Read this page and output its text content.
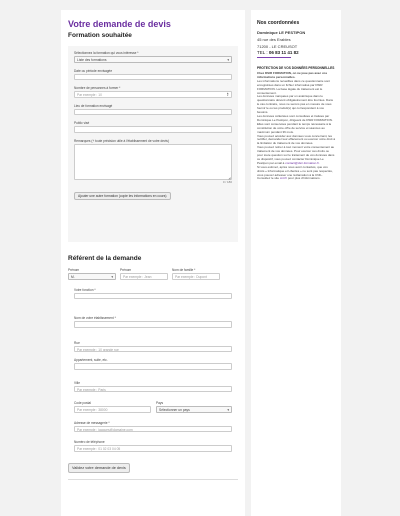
Votre demande de devis
Formation souhaitée
Sélectionnez la formation qui vous intéresse *
Liste des formations	▾
Date ou période envisagée
Nombre de personnes à former *
Par exemple : 10	▲
▼
Lieu de formation envisagé
Public visé
Remarques (+ toute précision utile à l'établissement de votre devis)
◢
0 / 180
Ajouter une autre formation (copie les informations en cours)
Référent de la demande
Prénom
M.	▾
Prénom
Par exemple : Jean
Nom de famille *
Par exemple : Dupont
Votre fonction *
Nom de votre établissement *
Rue
Par exemple : 10 grande rue
Appartement, suite, etc.
Ville
Par exemple : Paris
Code postal
Par exemple : 38000
Pays
Sélectionner un pays	▾
Adresse de messagerie *
Par exemple : jacques@domaine.com
Numéro de téléphone
Par exemple : 01 02 03 04 05
Validez votre demande de devis
Nos coordonnées
Dominique LE PESTIPON
45 rue des Erables
71200 - LE CREUSOT
TEL : 06 83 11 41 82
PROTECTION DE VOS DONNÉES PERSONNELLES
Chez DSIR FORMATION, on ne joue pas avec vos informations personnelles.
Les informations recueillies dans ce questionnaire sont enregistrées dans un fichier informatisé par DSIR FORMATION. La base légale du traitement est le consentement.
Les données marquées par un astérisque dans le questionnaire doivent obligatoirement être fournies. Dans le cas contraire, nous ne serons pas en mesure de vous fournir le ou les produit(s) qui correspondent à vos besoins.
Les données collectées sont consultées et traitées par Dominique Le Pestipon, dirigeant de DSIR FORMATION.
Elles sont conservées pendant le temps nécessaire à la constitution de votre offre de service et séances au maximum pendant 36 mois.
Vous pouvez accéder aux données vous concernant, les rectifier, demander leur effacement ou exercer votre droit à la limitation du traitement de vos données.
Vous pouvez retirer à tout moment votre consentement au traitement de vos données. Pour exercer ces droits ou pour toute question sur le traitement de vos données dans ce dispositif, vous pouvez contacter Dominique Le Pestipon par email à contact@dsir-formation.fr.
Si vous estimez, après nous avoir contactés, que vos droits « Informatique et Libertés » ne sont pas respectés, vous pouvez adresser une réclamation à la CNIL. Consultez le site cnil.fr pour plus d'informations.
